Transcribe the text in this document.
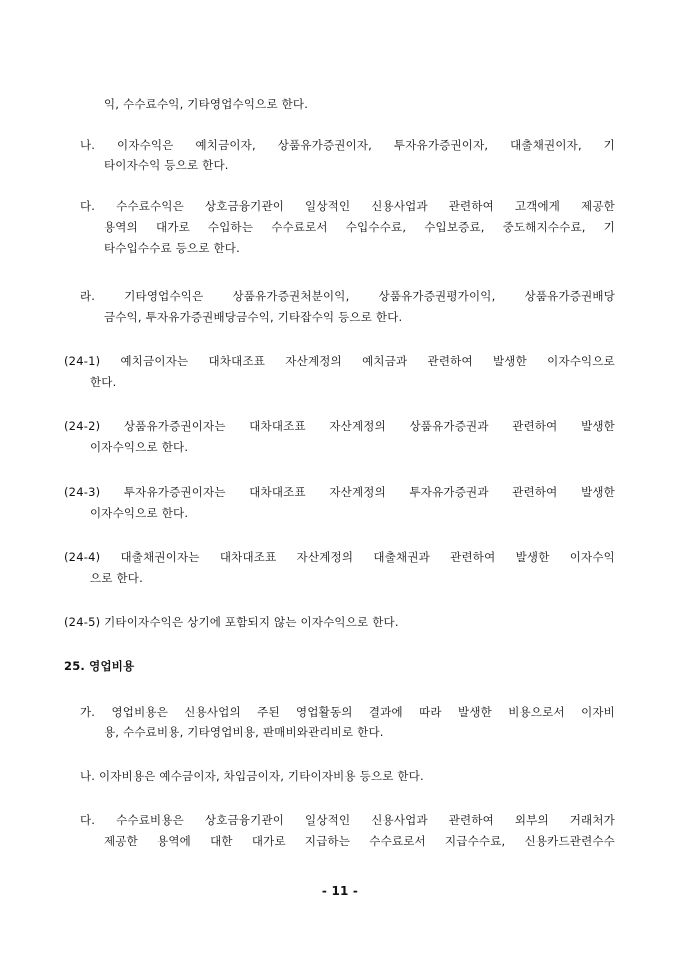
익, 수수료수익, 기타영업수익으로 한다.
나. 이자수익은 예치금이자, 상품유가증권이자, 투자유가증권이자, 대출채권이자, 기
타이자수익 등으로 한다.
다. 수수료수익은 상호금융기관이 일상적인 신용사업과 관련하여 고객에게 제공한
용역의 대가로 수입하는 수수료로서 수입수수료, 수입보증료, 중도해지수수료, 기
타수입수수료 등으로 한다.
라. 기타영업수익은 상품유가증권처분이익, 상품유가증권평가이익, 상품유가증권배당
금수익, 투자유가증권배당금수익, 기타잡수익 등으로 한다.
(24-1) 예치금이자는 대차대조표 자산계정의 예치금과 관련하여 발생한 이자수익으로
한다.
(24-2) 상품유가증권이자는 대차대조표 자산계정의 상품유가증권과 관련하여 발생한
이자수익으로 한다.
(24-3) 투자유가증권이자는 대차대조표 자산계정의 투자유가증권과 관련하여 발생한
이자수익으로 한다.
(24-4) 대출채권이자는 대차대조표 자산계정의 대출채권과 관련하여 발생한 이자수익
으로 한다.
(24-5) 기타이자수익은 상기에 포함되지 않는 이자수익으로 한다.
25. 영업비용
가. 영업비용은 신용사업의 주된 영업활동의 결과에 따라 발생한 비용으로서 이자비
용, 수수료비용, 기타영업비용, 판매비와관리비로 한다.
나. 이자비용은 예수금이자, 차입금이자, 기타이자비용 등으로 한다.
다. 수수료비용은 상호금융기관이 일상적인 신용사업과 관련하여 외부의 거래처가
제공한 용역에 대한 대가로 지급하는 수수료로서 지급수수료, 신용카드관련수수
- 11 -
